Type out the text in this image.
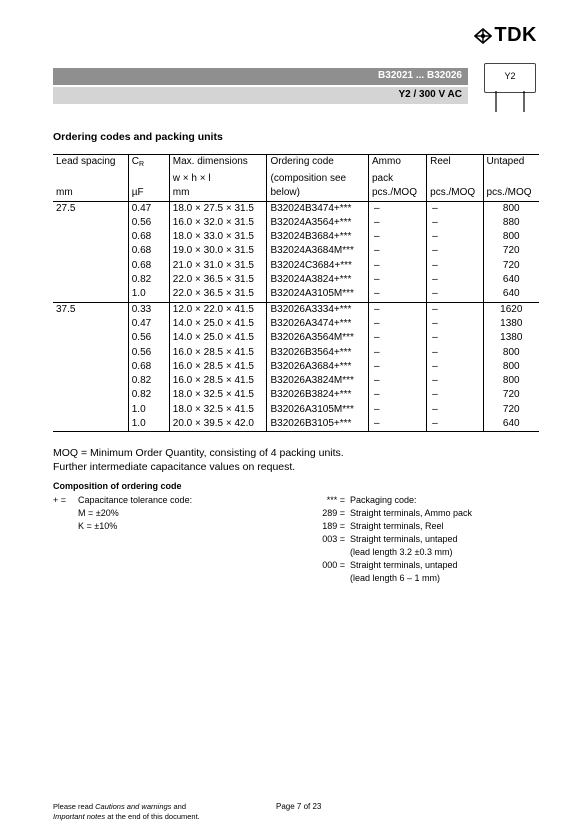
TDK
B32021 ... B32026
Y2 / 300 V AC
Y2
Ordering codes and packing units
Lead spacing	$C_R$	Max. dimensions	Ordering code	Ammo	Reel	Untaped
		w × h × l	(composition see	pack		
mm	µF	mm	below)	pcs./MOQ	pcs./MOQ	pcs./MOQ
27.5	0.47	18.0 × 27.5 × 31.5	B32024B3474+***	–	–	800
	0.56	16.0 × 32.0 × 31.5	B32024A3564+***	–	–	880
	0.68	18.0 × 33.0 × 31.5	B32024B3684+***	–	–	800
	0.68	19.0 × 30.0 × 31.5	B32024A3684M***	–	–	720
	0.68	21.0 × 31.0 × 31.5	B32024C3684+***	–	–	720
	0.82	22.0 × 36.5 × 31.5	B32024A3824+***	–	–	640
	1.0	22.0 × 36.5 × 31.5	B32024A3105M***	–	–	640
37.5	0.33	12.0 × 22.0 × 41.5	B32026A3334+***	–	–	1620
	0.47	14.0 × 25.0 × 41.5	B32026A3474+***	–	–	1380
	0.56	14.0 × 25.0 × 41.5	B32026A3564M***	–	–	1380
	0.56	16.0 × 28.5 × 41.5	B32026B3564+***	–	–	800
	0.68	16.0 × 28.5 × 41.5	B32026A3684+***	–	–	800
	0.82	16.0 × 28.5 × 41.5	B32026A3824M***	–	–	800
	0.82	18.0 × 32.5 × 41.5	B32026B3824+***	–	–	720
	1.0	18.0 × 32.5 × 41.5	B32026A3105M***	–	–	720
	1.0	20.0 × 39.5 × 42.0	B32026B3105+***	–	–	640
MOQ = Minimum Order Quantity, consisting of 4 packing units.
Further intermediate capacitance values on request.
Composition of ordering code
+ =	Capacitance tolerance code:
M = ±20%
K = ±10%
*** = Packaging code:
289 = Straight terminals, Ammo pack
189 = Straight terminals, Reel
003 = Straight terminals, untaped
(lead length 3.2 ±0.3 mm)
000 = Straight terminals, untaped
(lead length 6 – 1 mm)
Please read Cautions and warnings and
Important notes at the end of this document.
Page 7 of 23
